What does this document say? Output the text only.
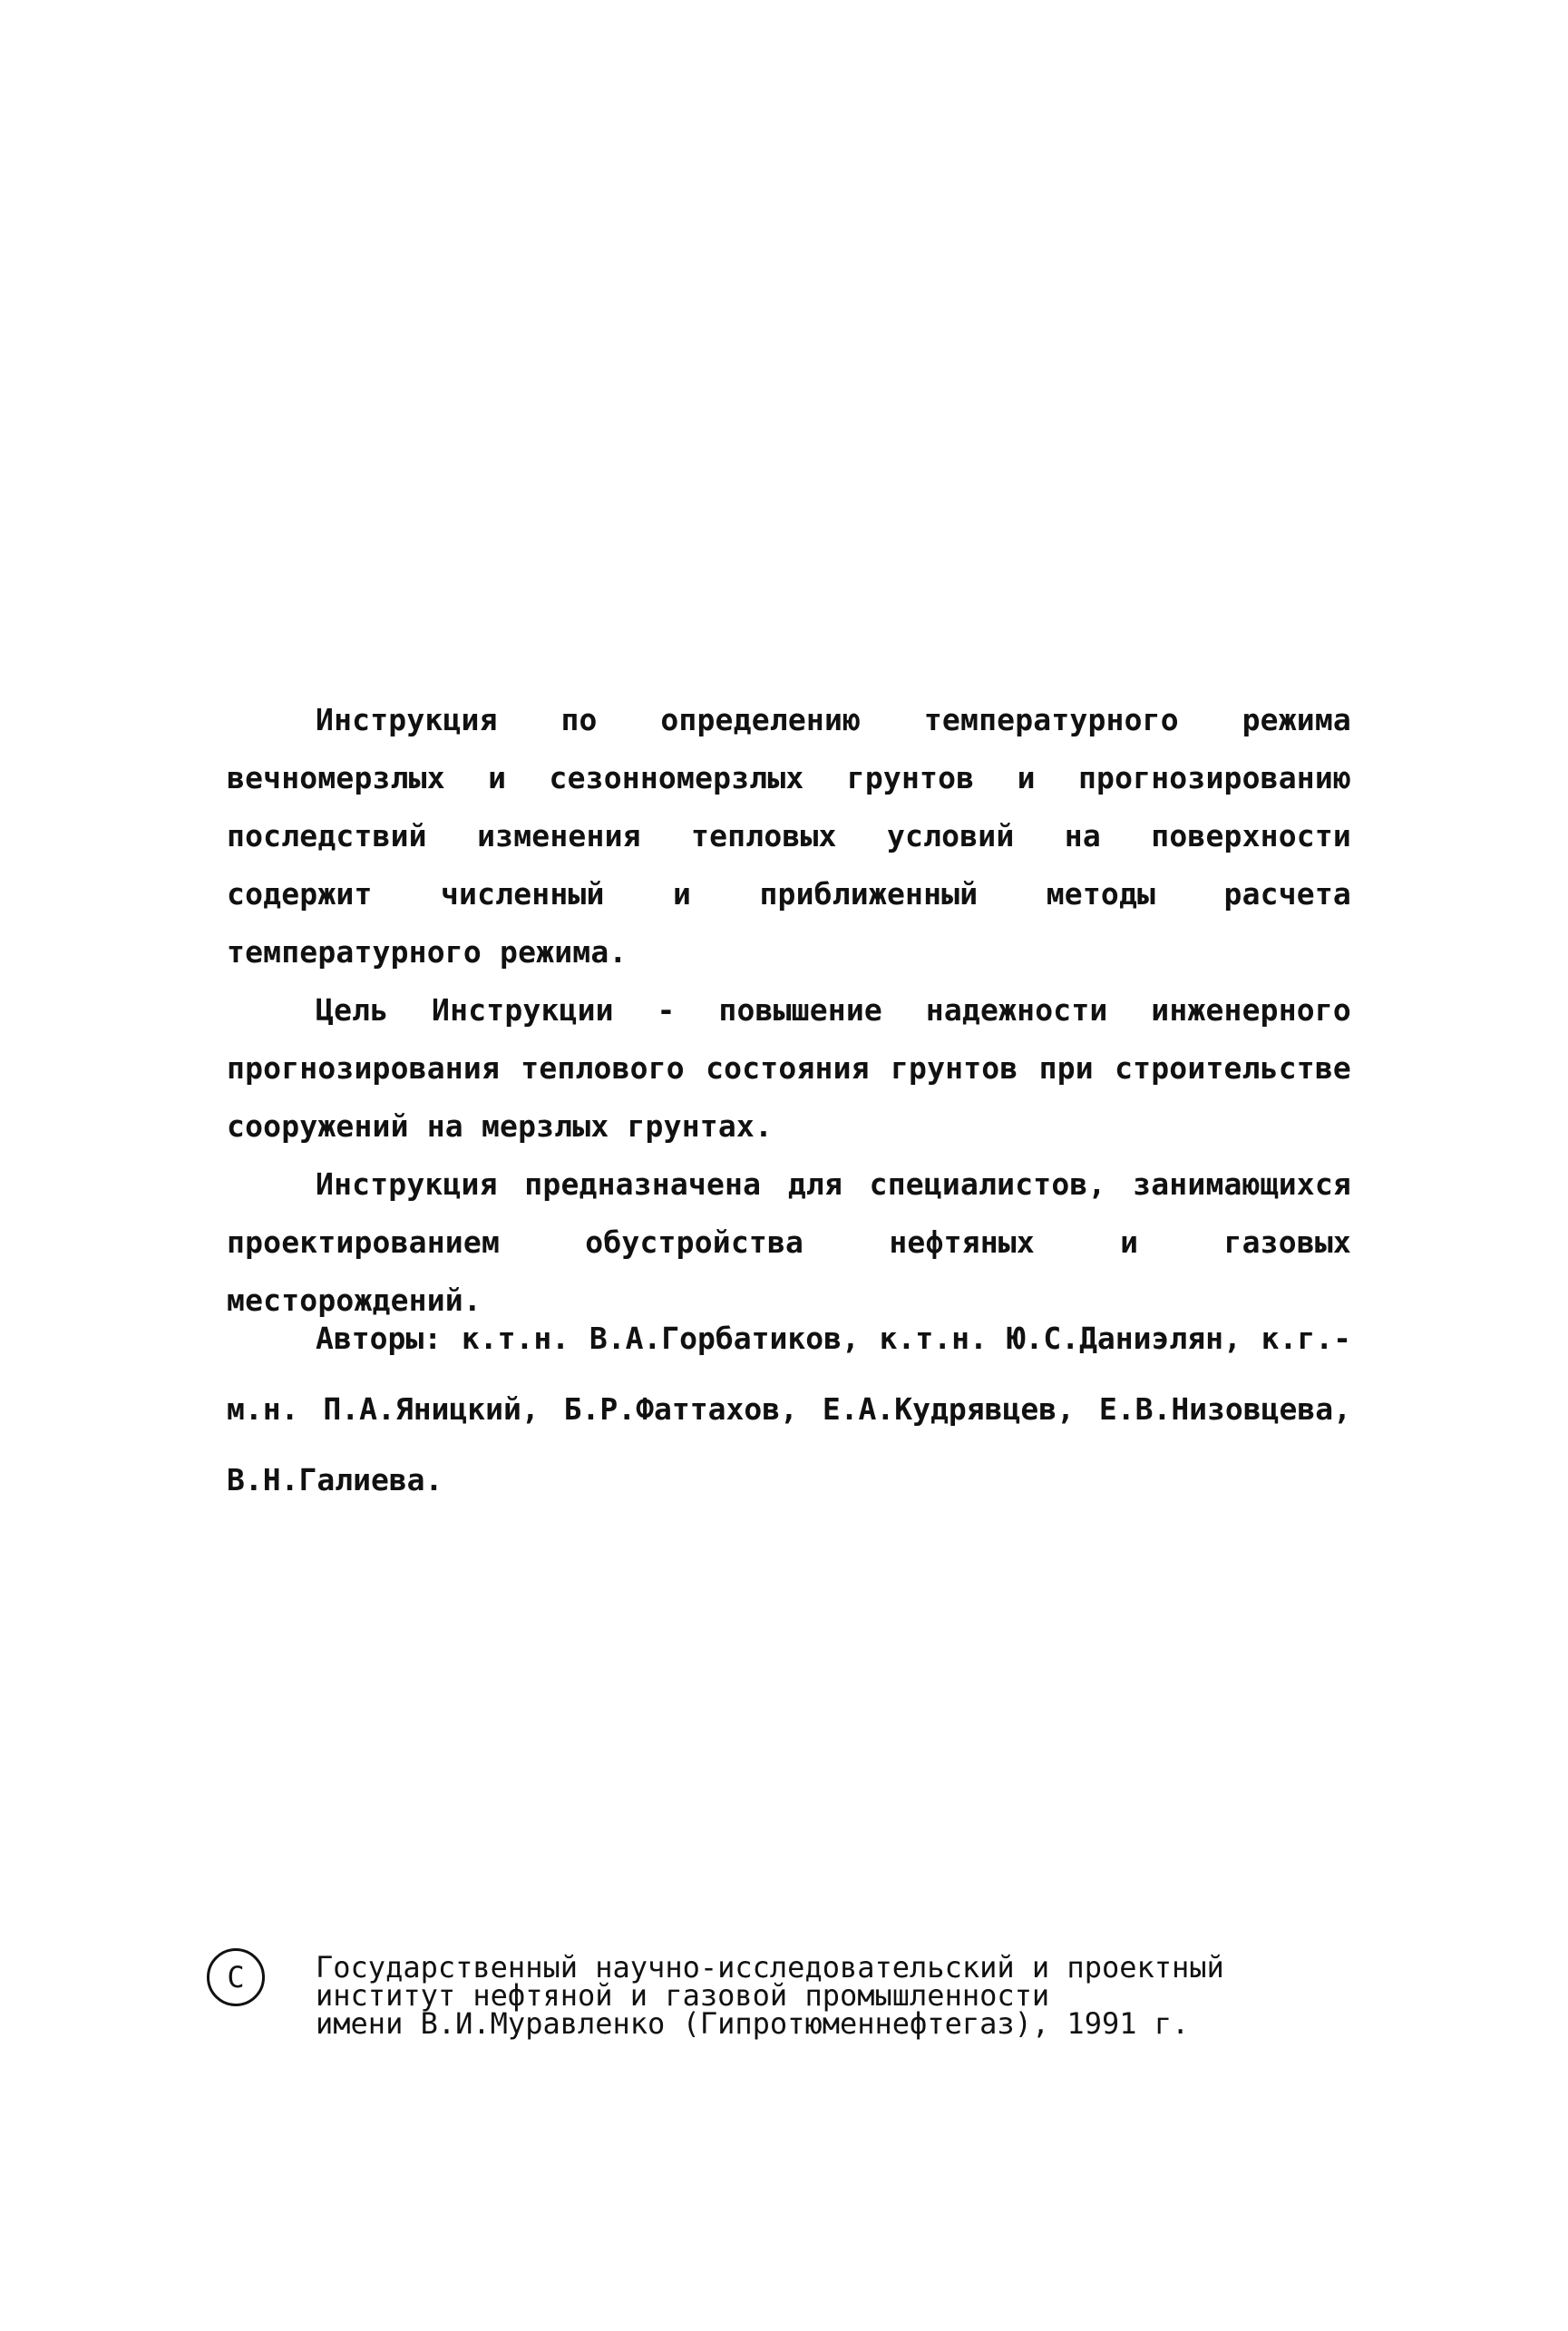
Инструкция по определению температурного режима вечномерзлых и сезонномерзлых грунтов и прогнозированию последствий изменения тепловых условий на поверхности содержит численный и приближенный методы расчета температурного режима.

Цель Инструкции - повышение надежности инженерного прогнозирования теплового состояния грунтов при строительстве сооружений на мерзлых грунтах.

Инструкция предназначена для специалистов, занимающихся проектированием обустройства нефтяных и газовых месторождений.

Авторы: к.т.н. В.А.Горбатиков, к.т.н. Ю.С.Даниэлян, к.г.-м.н. П.А.Яницкий, Б.Р.Фаттахов, Е.А.Кудрявцев, Е.В.Низовцева, В.Н.Галиева.

C	Государственный научно-исследовательский и проектный
институт нефтяной и газовой промышленности
имени В.И.Муравленко (Гипротюменнефтегаз), 1991 г.
